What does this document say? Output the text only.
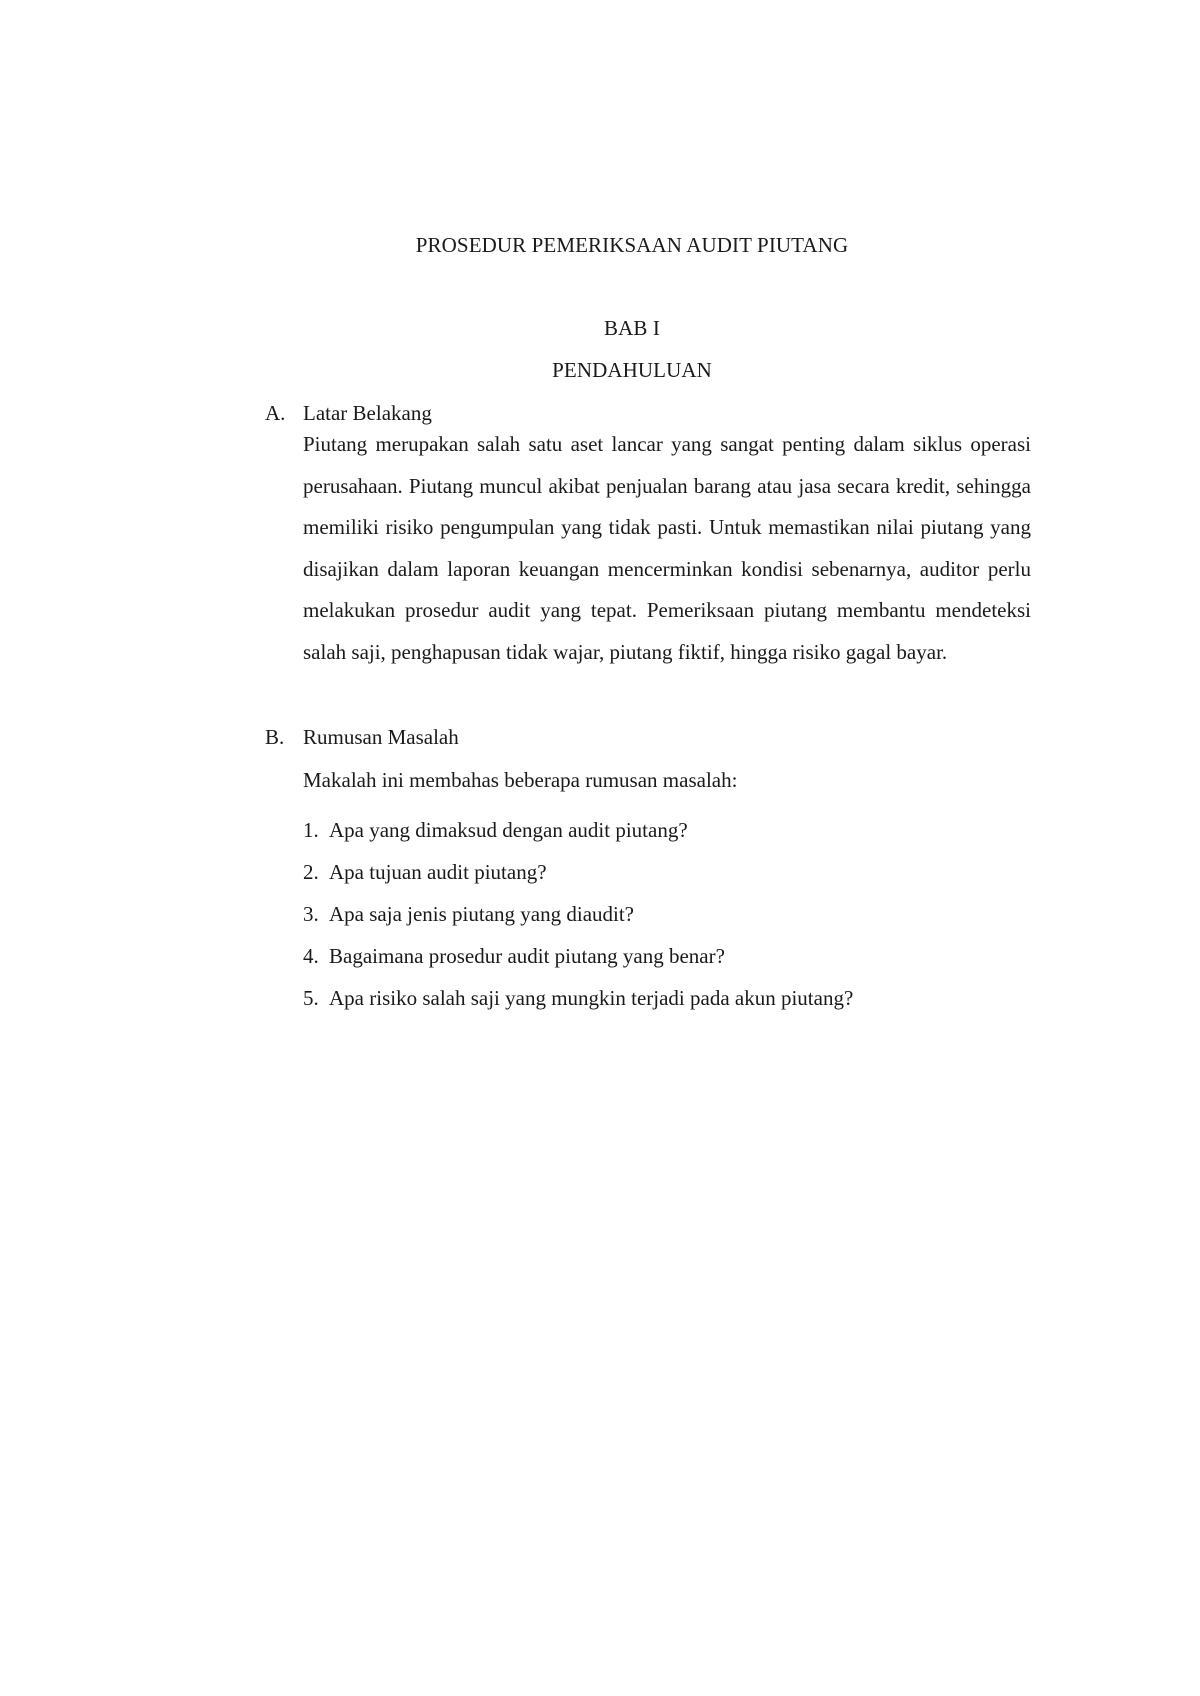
PROSEDUR PEMERIKSAAN AUDIT PIUTANG
BAB I
PENDAHULUAN
A. Latar Belakang

Piutang merupakan salah satu aset lancar yang sangat penting dalam siklus operasi perusahaan. Piutang muncul akibat penjualan barang atau jasa secara kredit, sehingga memiliki risiko pengumpulan yang tidak pasti. Untuk memastikan nilai piutang yang disajikan dalam laporan keuangan mencerminkan kondisi sebenarnya, auditor perlu melakukan prosedur audit yang tepat. Pemeriksaan piutang membantu mendeteksi salah saji, penghapusan tidak wajar, piutang fiktif, hingga risiko gagal bayar.

B. Rumusan Masalah
Makalah ini membahas beberapa rumusan masalah:
1. Apa yang dimaksud dengan audit piutang?
2. Apa tujuan audit piutang?
3. Apa saja jenis piutang yang diaudit?
4. Bagaimana prosedur audit piutang yang benar?
5. Apa risiko salah saji yang mungkin terjadi pada akun piutang?
